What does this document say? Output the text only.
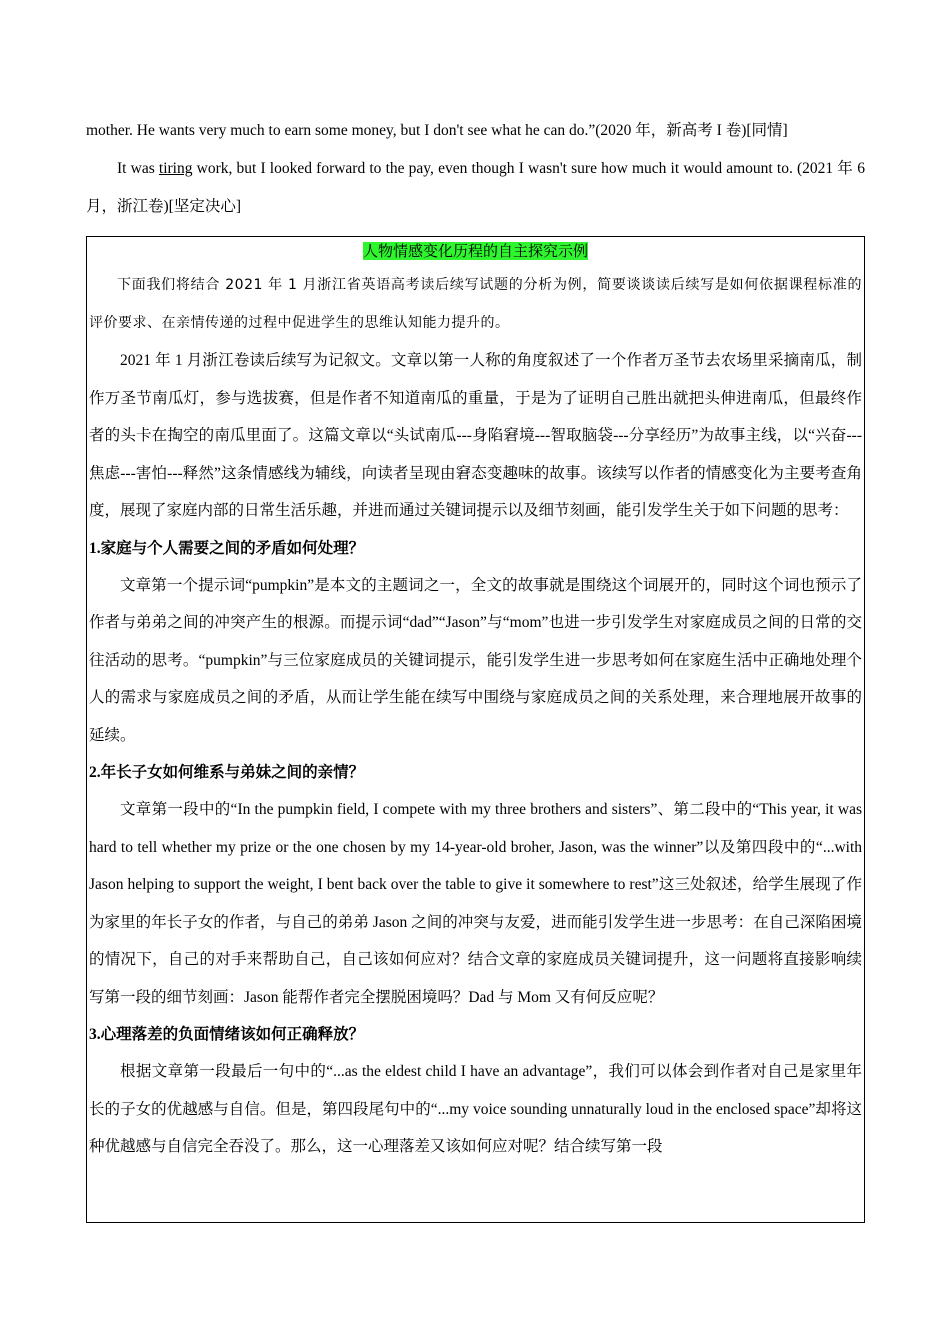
mother. He wants very much to earn some money, but I don't see what he can do.”(2020 年，新高考 I 卷)[同情]

It was tiring work, but I looked forward to the pay, even though I wasn't sure how much it would amount to. (2021 年 6 月，浙江卷)[坚定决心]

人物情感变化历程的自主探究示例

下面我们将结合 2021 年 1 月浙江省英语高考读后续写试题的分析为例，简要谈谈读后续写是如何依据课程标准的评价要求、在亲情传递的过程中促进学生的思维认知能力提升的。

2021 年 1 月浙江卷读后续写为记叙文。文章以第一人称的角度叙述了一个作者万圣节去农场里采摘南瓜，制作万圣节南瓜灯，参与选拔赛，但是作者不知道南瓜的重量，于是为了证明自己胜出就把头伸进南瓜，但最终作者的头卡在掏空的南瓜里面了。这篇文章以“头试南瓜---身陷窘境---智取脑袋---分享经历”为故事主线，以“兴奋---焦虑---害怕---释然”这条情感线为辅线，向读者呈现由窘态变趣味的故事。该续写以作者的情感变化为主要考查角度，展现了家庭内部的日常生活乐趣，并进而通过关键词提示以及细节刻画，能引发学生关于如下问题的思考：

1.家庭与个人需要之间的矛盾如何处理？

文章第一个提示词“pumpkin”是本文的主题词之一，全文的故事就是围绕这个词展开的，同时这个词也预示了作者与弟弟之间的冲突产生的根源。而提示词“dad”“Jason”与“mom”也进一步引发学生对家庭成员之间的日常的交往活动的思考。“pumpkin”与三位家庭成员的关键词提示，能引发学生进一步思考如何在家庭生活中正确地处理个人的需求与家庭成员之间的矛盾，从而让学生能在续写中围绕与家庭成员之间的关系处理，来合理地展开故事的延续。

2.年长子女如何维系与弟妹之间的亲情？

文章第一段中的“In the pumpkin field, I compete with my three brothers and sisters”、第二段中的“This year, it was hard to tell whether my prize or the one chosen by my 14-year-old broher, Jason, was the winner”以及第四段中的“...with Jason helping to support the weight, I bent back over the table to give it somewhere to rest”这三处叙述，给学生展现了作为家里的年长子女的作者，与自己的弟弟 Jason 之间的冲突与友爱，进而能引发学生进一步思考：在自己深陷困境的情况下，自己的对手来帮助自己，自己该如何应对？结合文章的家庭成员关键词提升，这一问题将直接影响续写第一段的细节刻画：Jason 能帮作者完全摆脱困境吗？Dad 与 Mom 又有何反应呢？

3.心理落差的负面情绪该如何正确释放？

根据文章第一段最后一句中的“...as the eldest child I have an advantage”，我们可以体会到作者对自己是家里年长的子女的优越感与自信。但是，第四段尾句中的“...my voice sounding unnaturally loud in the enclosed space”却将这种优越感与自信完全吞没了。那么，这一心理落差又该如何应对呢？结合续写第一段
